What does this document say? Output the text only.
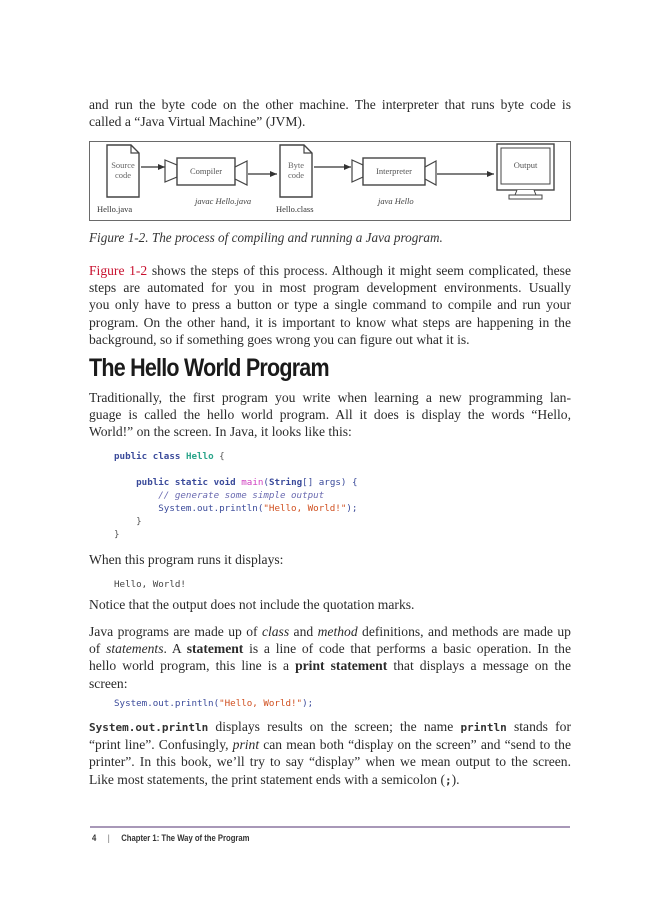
and run the byte code on the other machine. The interpreter that runs byte code is
called a “Java Virtual Machine” (JVM).
Source
code
Hello.java
Compiler
javac Hello.java
Byte
code
Hello.class
Interpreter
java Hello
Output
Figure 1-2. The process of compiling and running a Java program.
Figure 1-2 shows the steps of this process. Although it might seem complicated, these
steps are automated for you in most program development environments. Usually
you only have to press a button or type a single command to compile and run your
program. On the other hand, it is important to know what steps are happening in the
background, so if something goes wrong you can figure out what it is.
The Hello World Program
Traditionally, the first program you write when learning a new programming lan-
guage is called the hello world program. All it does is display the words “Hello,
World!” on the screen. In Java, it looks like this:
public class Hello {

public static void main(String[] args) {
// generate some simple output
System.out.println("Hello, World!");
}
}
When this program runs it displays:
Hello, World!
Notice that the output does not include the quotation marks.
Java programs are made up of class and method definitions, and methods are made up
of statements. A statement is a line of code that performs a basic operation. In the
hello world program, this line is a print statement that displays a message on the
screen:
System.out.println("Hello, World!");
System.out.println displays results on the screen; the name println stands for
“print line”. Confusingly, print can mean both “display on the screen” and “send to the
printer”. In this book, we’ll try to say “display” when we mean output to the screen.
Like most statements, the print statement ends with a semicolon (;).
4 | Chapter 1: The Way of the Program
